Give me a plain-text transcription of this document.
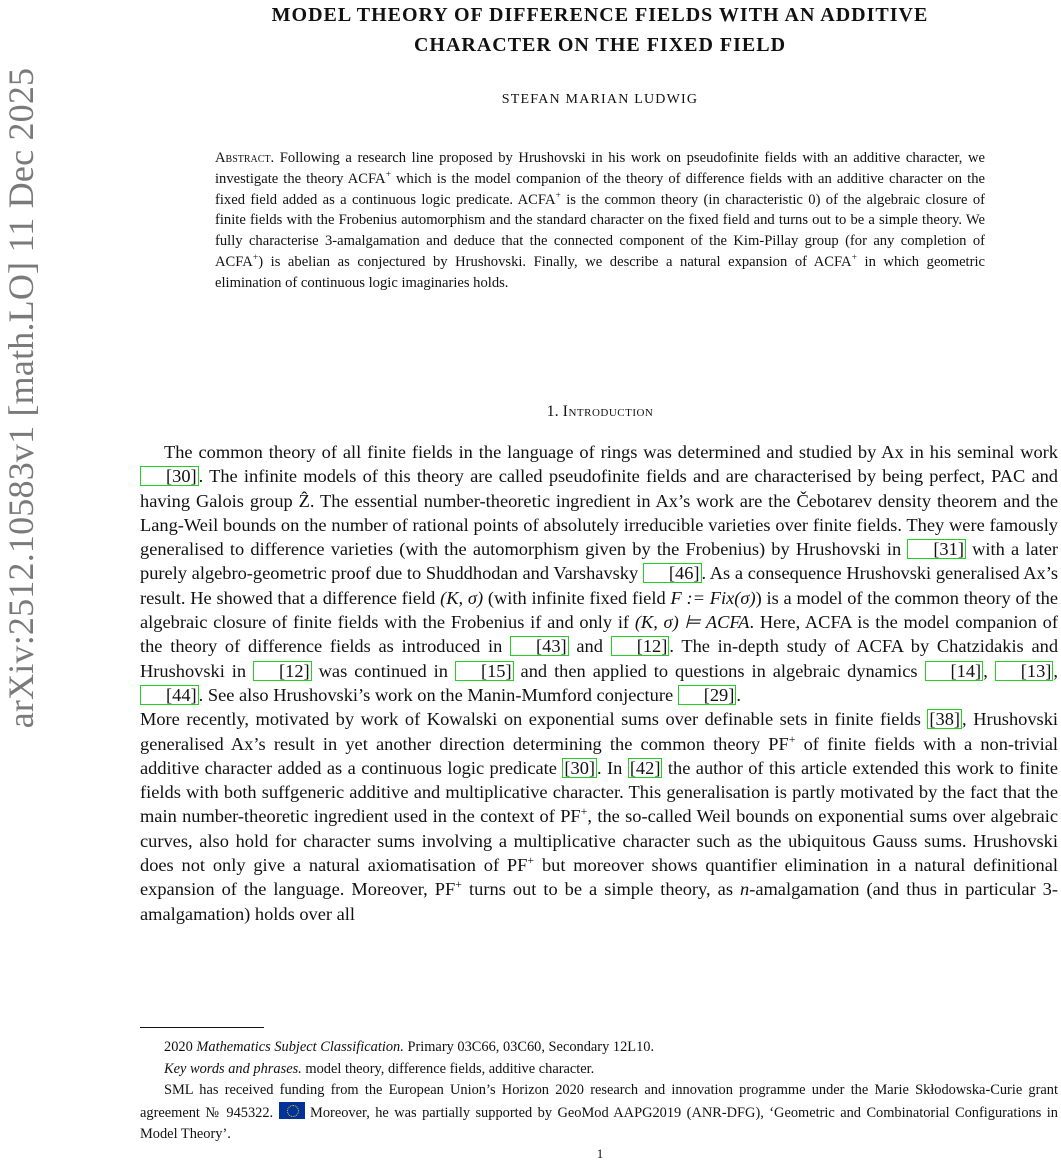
arXiv:2512.10583v1 [math.LO] 11 Dec 2025
MODEL THEORY OF DIFFERENCE FIELDS WITH AN ADDITIVE
CHARACTER ON THE FIXED FIELD
STEFAN MARIAN LUDWIG
Abstract. Following a research line proposed by Hrushovski in his work on pseudofinite fields with an additive character, we investigate the theory ACFA+ which is the model companion of the theory of difference fields with an additive character on the fixed field added as a continuous logic predicate. ACFA+ is the common theory (in characteristic 0) of the algebraic closure of finite fields with the Frobenius automorphism and the standard character on the fixed field and turns out to be a simple theory. We fully characterise 3-amalgamation and deduce that the connected component of the Kim-Pillay group (for any completion of ACFA+) is abelian as conjectured by Hrushovski. Finally, we describe a natural expansion of ACFA+ in which geometric elimination of continuous logic imaginaries holds.
1. Introduction

The common theory of all finite fields in the language of rings was determined and studied by Ax in his seminal work [30] . The infinite models of this theory are called pseudofinite fields and are characterised by being perfect, PAC and having Galois group Ẑ. The essential number-theoretic ingredient in Ax’s work are the Čebotarev density theorem and the Lang-Weil bounds on the number of rational points of absolutely irreducible varieties over finite fields. They were famously generalised to difference varieties (with the automorphism given by the Frobenius) by Hrushovski in [31] with a later purely algebro-geometric proof due to Shuddhodan and Varshavsky [46] . As a consequence Hrushovski generalised Ax’s result. He showed that a difference field (K, σ) (with infinite fixed field F := Fix(σ)) is a model of the common theory of the algebraic closure of finite fields with the Frobenius if and only if (K, σ) ⊨ ACFA. Here, ACFA is the model companion of the theory of difference fields as introduced in [43] and [12] . The in-depth study of ACFA by Chatzidakis and Hrushovski in [12] was continued in [15] and then applied to questions in algebraic dynamics [14] , [13] , [44] . See also Hrushovski’s work on the Manin-Mumford conjecture [29] .

More recently, motivated by work of Kowalski on exponential sums over definable sets in finite fields [38] , Hrushovski generalised Ax’s result in yet another direction determining the common theory PF+ of finite fields with a non-trivial additive character added as a continuous logic predicate [30] . In [42] the author of this article extended this work to finite fields with both suffgeneric additive and multiplicative character. This generalisation is partly motivated by the fact that the main number-theoretic ingredient used in the context of PF+, the so-called Weil bounds on exponential sums over algebraic curves, also hold for character sums involving a multiplicative character such as the ubiquitous Gauss sums. Hrushovski does not only give a natural axiomatisation of PF+ but moreover shows quantifier elimination in a natural definitional expansion of the language. Moreover, PF+ turns out to be a simple theory, as n-amalgamation (and thus in particular 3-amalgamation) holds over all

2020 Mathematics Subject Classification. Primary 03C66, 03C60, Secondary 12L10.

Key words and phrases. model theory, difference fields, additive character.

SML has received funding from the European Union’s Horizon 2020 research and innovation programme under the Marie Skłodowska-Curie grant agreement № 945322.  Moreover, he was partially supported by GeoMod AAPG2019 (ANR-DFG), ‘Geometric and Combinatorial Configurations in Model Theory’.

1
